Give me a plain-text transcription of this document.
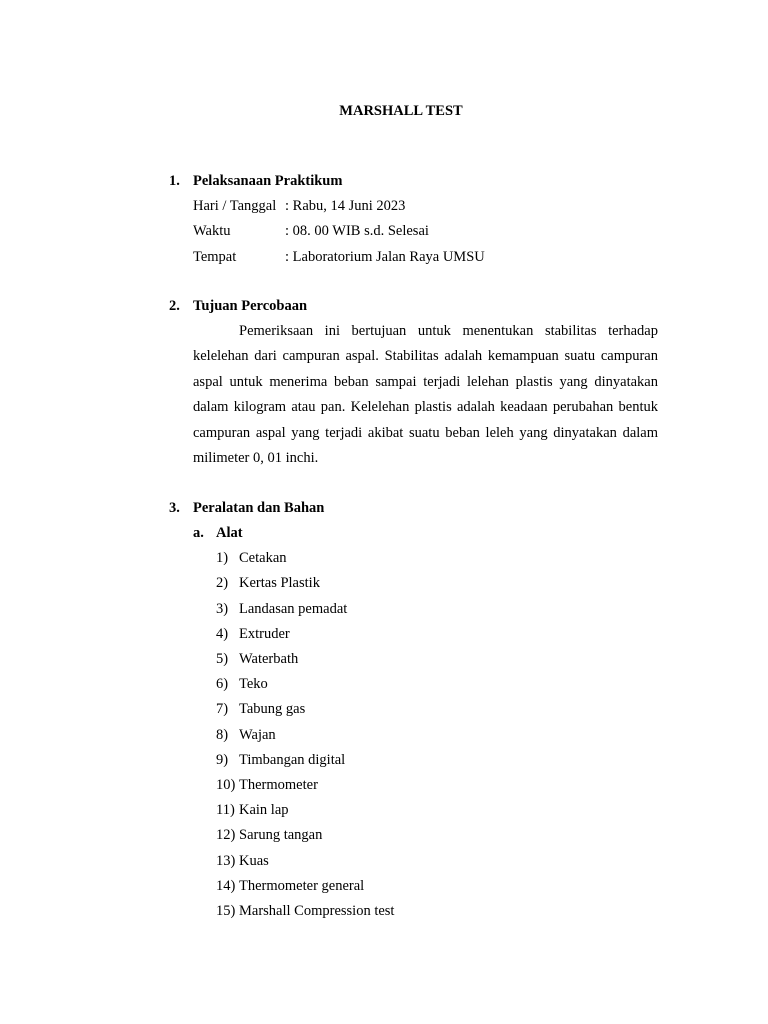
MARSHALL TEST
1. Pelaksanaan Praktikum
Hari / Tanggal : Rabu, 14 Juni 2023
Waktu	: 08. 00 WIB s.d. Selesai
Tempat	: Laboratorium Jalan Raya UMSU
2. Tujuan Percobaan
Pemeriksaan ini bertujuan untuk menentukan stabilitas terhadap kelelehan dari campuran aspal. Stabilitas adalah kemampuan suatu campuran aspal untuk menerima beban sampai terjadi lelehan plastis yang dinyatakan dalam kilogram atau pan. Kelelehan plastis adalah keadaan perubahan bentuk campuran aspal yang terjadi akibat suatu beban leleh yang dinyatakan dalam milimeter 0, 01 inchi.
3. Peralatan dan Bahan
a. Alat
1) Cetakan
2) Kertas Plastik
3) Landasan pemadat
4) Extruder
5) Waterbath
6) Teko
7) Tabung gas
8) Wajan
9) Timbangan digital
10) Thermometer
11) Kain lap
12) Sarung tangan
13) Kuas
14) Thermometer general
15) Marshall Compression test
